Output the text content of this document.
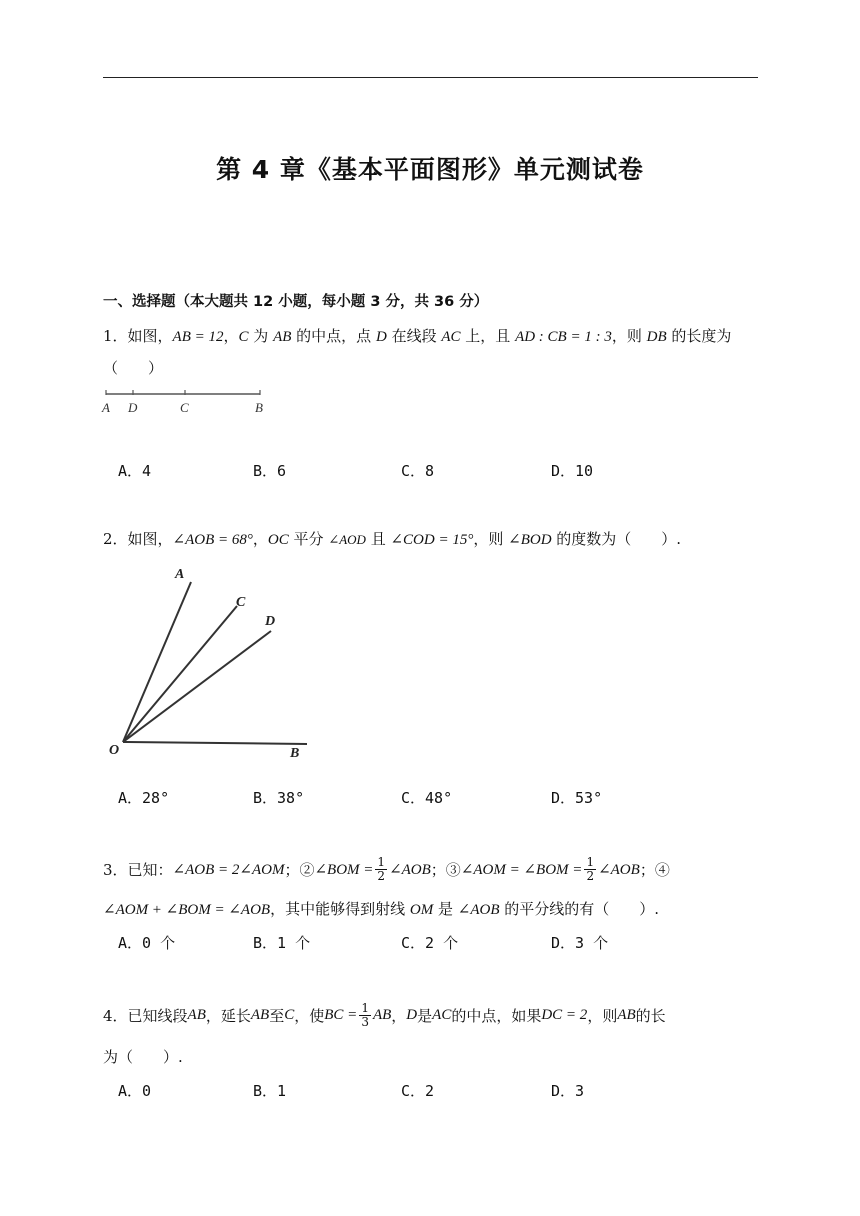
第 4 章《基本平面图形》单元测试卷
一、选择题（本大题共 12 小题，每小题 3 分，共 36 分）
1．如图，AB = 12，C 为 AB 的中点，点 D 在线段 AC 上，且 AD : CB = 1 : 3，则 DB 的长度为
（　　）
A D	C	B
A．4	B．6	C．8	D．10
2．如图，∠AOB = 68°，OC 平分 ∠AOD 且 ∠COD = 15°，则 ∠BOD 的度数为（　　）.
A
C
D
O	B
A．28°	B．38°	C．48°	D．53°
3．已知： ∠AOB = 2∠AOM ；② ∠BOM = $\frac{1}{2}$ ∠AOB ；③ ∠AOM = ∠BOM = $\frac{1}{2}$ ∠AOB ；④
∠AOM + ∠BOM = ∠AOB，其中能够得到射线 OM 是 ∠AOB 的平分线的有（　　）.
A．0 个	B．1 个	C．2 个	D．3 个
4．已知线段 AB ，延长 AB 至 C ，使 BC = $\frac{1}{3}$ AB ， D 是 AC 的中点，如果 DC = 2 ，则 AB 的长
为（　　）.
A．0	B．1	C．2	D．3
